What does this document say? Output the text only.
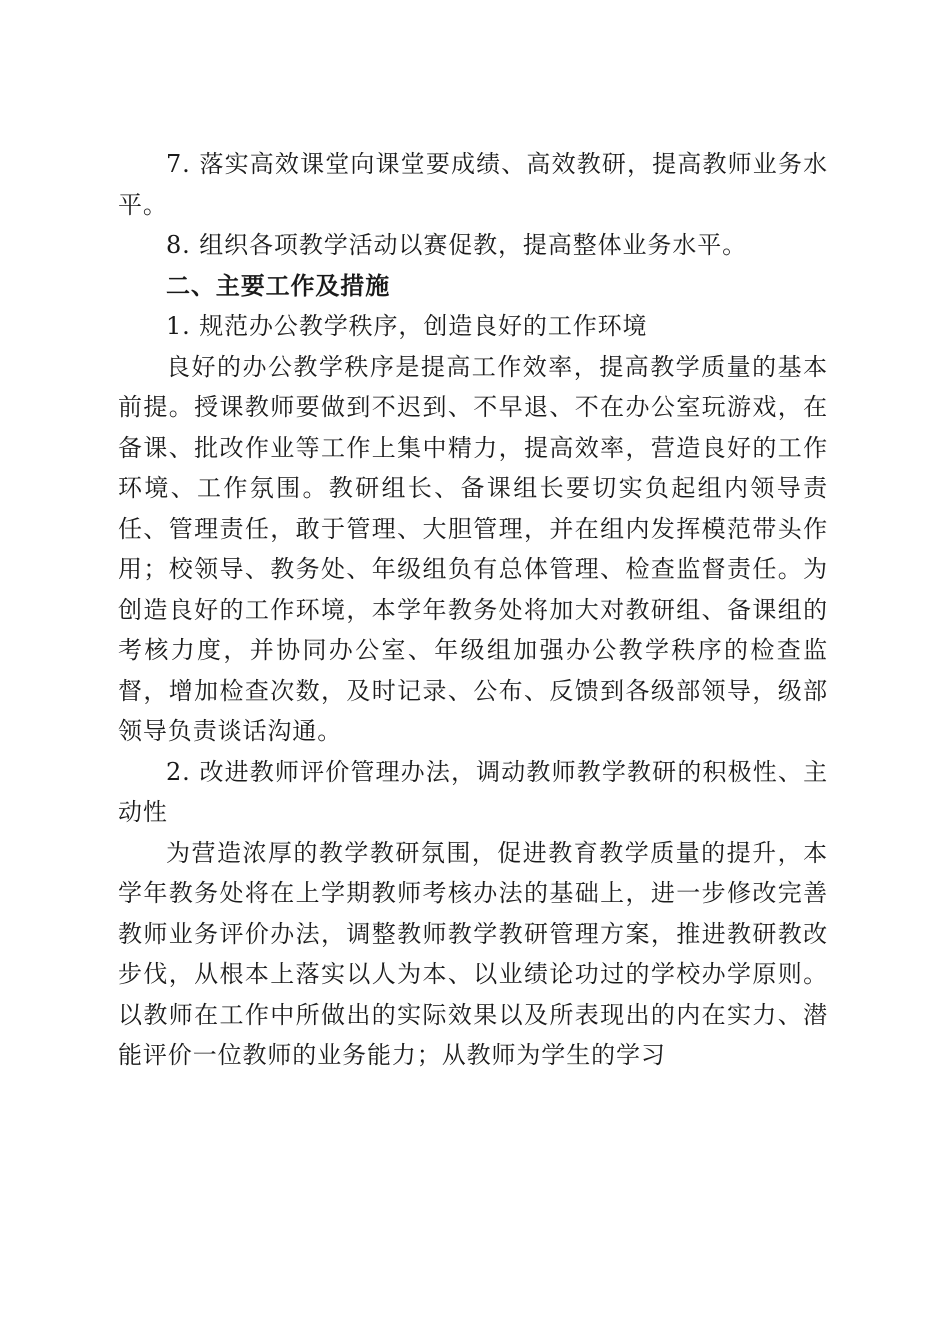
7. 落实高效课堂向课堂要成绩、高效教研，提高教师业务水平。

8. 组织各项教学活动以赛促教，提高整体业务水平。

二、主要工作及措施

1. 规范办公教学秩序，创造良好的工作环境

良好的办公教学秩序是提高工作效率，提高教学质量的基本前提。授课教师要做到不迟到、不早退、不在办公室玩游戏，在备课、批改作业等工作上集中精力，提高效率，营造良好的工作环境、工作氛围。教研组长、备课组长要切实负起组内领导责任、管理责任，敢于管理、大胆管理，并在组内发挥模范带头作用；校领导、教务处、年级组负有总体管理、检查监督责任。为创造良好的工作环境，本学年教务处将加大对教研组、备课组的考核力度，并协同办公室、年级组加强办公教学秩序的检查监督，增加检查次数，及时记录、公布、反馈到各级部领导，级部领导负责谈话沟通。

2. 改进教师评价管理办法，调动教师教学教研的积极性、主动性

为营造浓厚的教学教研氛围，促进教育教学质量的提升，本学年教务处将在上学期教师考核办法的基础上，进一步修改完善教师业务评价办法，调整教师教学教研管理方案，推进教研教改步伐，从根本上落实以人为本、以业绩论功过的学校办学原则。以教师在工作中所做出的实际效果以及所表现出的内在实力、潜能评价一位教师的业务能力；从教师为学生的学习
